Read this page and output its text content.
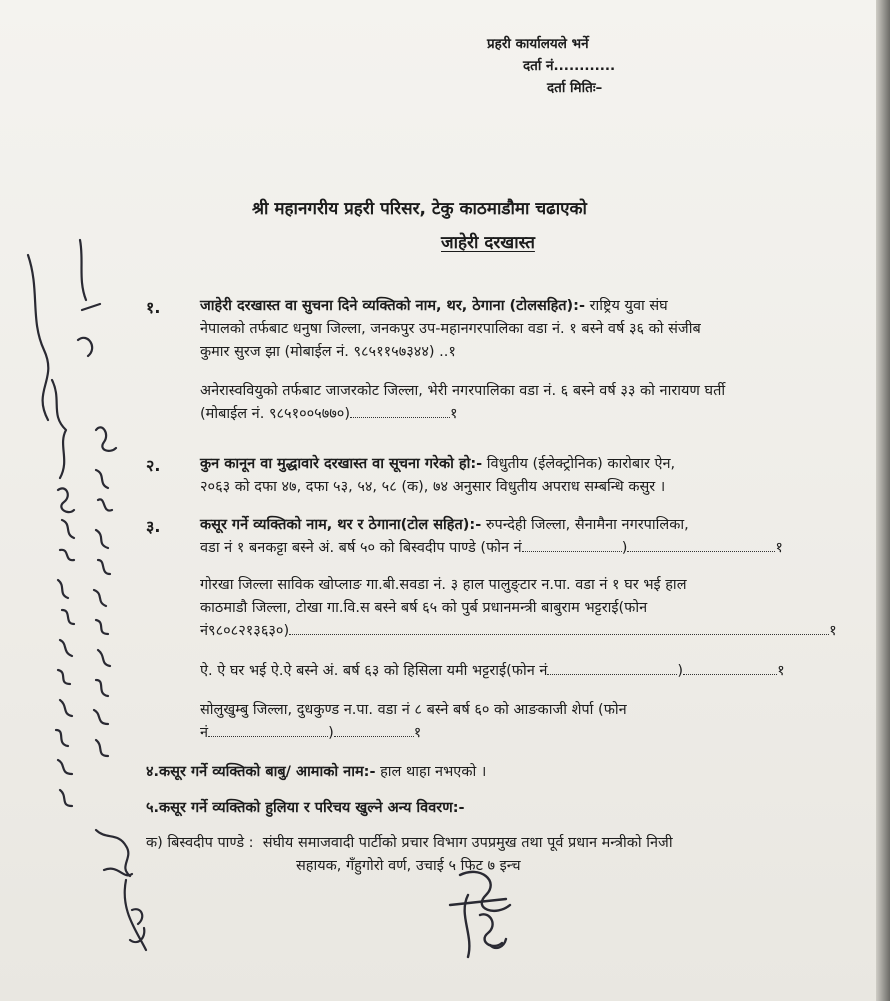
प्रहरी कार्यालयले भर्ने
दर्ता नं............
दर्ता मितिः–
श्री महानगरीय प्रहरी परिसर, टेकु काठमाडौमा चढाएको
जाहेरी दरखास्त
१.	जाहेरी दरखास्त वा सुचना दिने व्यक्तिको नाम, थर, ठेगाना (टोलसहित):- राष्ट्रिय युवा संघ
नेपालको तर्फबाट धनुषा जिल्ला, जनकपुर उप-महानगरपालिका वडा नं. १ बस्ने वर्ष ३६ को संजीब
कुमार सुरज झा (मोबाईल नं. ९८५११५७३४४) ..१
अनेरास्ववियुको तर्फबाट जाजरकोट जिल्ला, भेरी नगरपालिका वडा नं. ६ बस्ने वर्ष ३३ को नारायण घर्ती
(मोबाईल नं. ९८५१००५७७०)	१
२.	कुन कानून वा मुद्धावारे दरखास्त वा सूचना गरेको हो:- विधुतीय (ईलेक्ट्रोनिक) कारोबार ऐन,
२०६३ को दफा ४७, दफा ५३, ५४, ५८ (क), ७४ अनुसार विधुतीय अपराध सम्बन्धि कसुर ।
३.	कसूर गर्ने व्यक्तिको नाम, थर र ठेगाना(टोल सहित):- रुपन्देही जिल्ला, सैनामैना नगरपालिका,
वडा नं १ बनकट्टा बस्ने अं. बर्ष ५० को बिस्वदीप पाण्डे (फोन नं	)	१
गोरखा जिल्ला साविक खोप्लाङ गा.बी.सवडा नं. ३ हाल पालुङ्टार न.पा. वडा नं १ घर भई हाल
काठमाडौ जिल्ला, टोखा गा.वि.स बस्ने बर्ष ६५ को पुर्ब प्रधानमन्त्री बाबुराम भट्टराई(फोन
नं९८०८२१३६३०)	१
ऐ. ऐ घर भई ऐ.ऐ बस्ने अं. बर्ष ६३ को हिसिला यमी भट्टराई(फोन नं	)	१
सोलुखुम्बु जिल्ला, दुधकुण्ड न.पा. वडा नं ८ बस्ने बर्ष ६० को आङकाजी शेर्पा (फोन
नं	)	१
४.कसूर गर्ने व्यक्तिको बाबु/ आमाको नाम:- हाल थाहा नभएको ।
५.कसूर गर्ने व्यक्तिको हुलिया र परिचय खुल्ने अन्य विवरण:-
क) बिस्वदीप पाण्डे : संघीय समाजवादी पार्टीको प्रचार विभाग उपप्रमुख तथा पूर्व प्रधान मन्त्रीको निजी
सहायक, गँहुगोरो वर्ण, उचाई ५ फिट ७ इन्च
